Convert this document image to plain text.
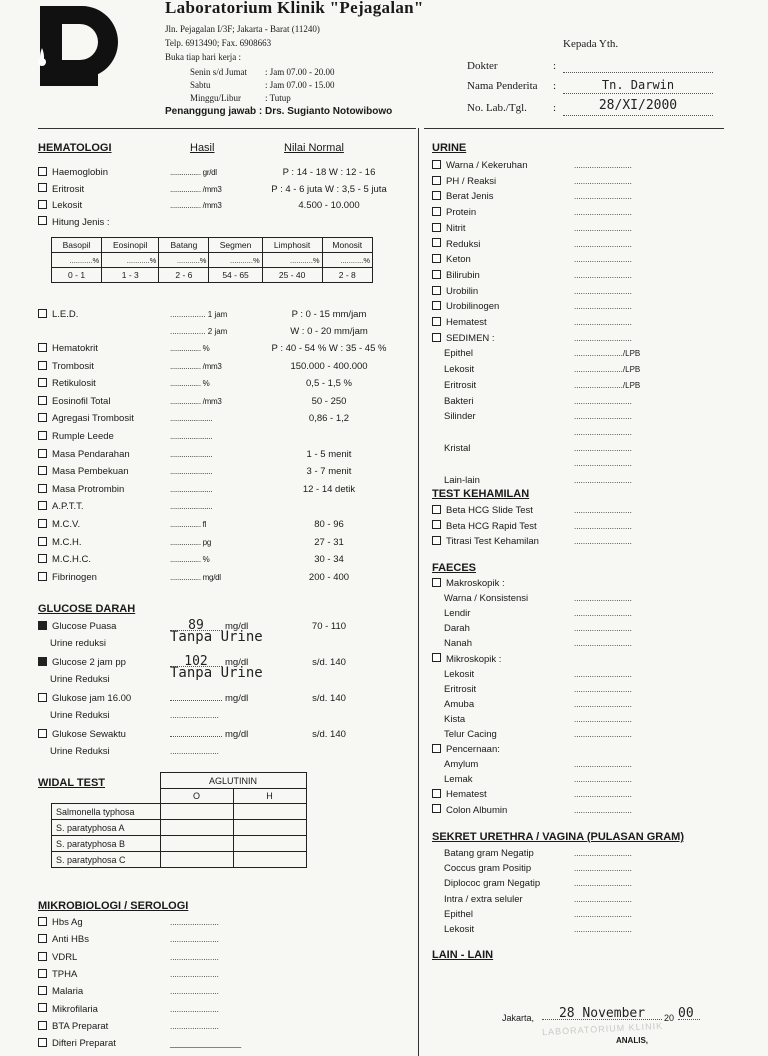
Laboratorium Klinik "Pejagalan"
Jln. Pejagalan I/3F; Jakarta - Barat (11240)
Telp. 6913490; Fax. 6908663
Buka tiap hari kerja :
Senin s/d Jumat : Jam 07.00 - 20.00
Sabtu	: Jam 07.00 - 15.00
Minggu/Libur	: Tutup
Penanggung jawab : Drs. Sugianto Notowibowo
Kepada Yth.
Dokter	:
Nama Penderita :	Tn. Darwin
No. Lab./Tgl. :	28/XI/2000
HEMATOLOGI	Hasil	Nilai Normal
Haemoglobin	................ gr/dl	P : 14 - 18 W : 12 - 16
Eritrosit	................ /mm3	P : 4 - 6 juta W : 3,5 - 5 juta
Lekosit	................ /mm3	4.500 - 10.000
Hitung Jenis :
Basopil	Eosinopil	Batang	Segmen	Limphosit	Monosit
...........%	...........%	...........%	...........%	...........%	...........%
0 - 1	1 - 3	2 - 6	54 - 65	25 - 40	2 - 8
L.E.D.	................ 1 jam	P : 0 - 15 mm/jam
................ 2 jam	W : 0 - 20 mm/jam
Hematokrit	................ %	P : 40 - 54 % W : 35 - 45 %
Trombosit	................ /mm3	150.000 - 400.000
Retikulosit	................ %	0,5 - 1,5 %
Eosinofil Total	................ /mm3	50 - 250
Agregasi Trombosit	......................	0,86 - 1,2
Rumple Leede	......................
Masa Pendarahan	......................	1 - 5 menit
Masa Pembekuan	......................	3 - 7 menit
Masa Protrombin	......................	12 - 14 detik
A.P.T.T.	......................
M.C.V.	................ fl	80 - 96
M.C.H.	................ pg	27 - 31
M.C.H.C.	................ %	30 - 34
Fibrinogen	................ mg/dl	200 - 400
GLUCOSE DARAH
Glucose Puasa	89 mg/dl	70 - 110
Urine reduksi	Tanpa Urine
Glucose 2 jam pp	102 mg/dl	s/d. 140
Urine Reduksi	Tanpa Urine
Glukose jam 16.00	mg/dl	s/d. 140
Urine Reduksi	......................
Glukose Sewaktu	mg/dl	s/d. 140
Urine Reduksi	......................
WIDAL TEST
		AGLUTININ	
	O	H
Salmonella typhosa		
S. paratyphosa A		
S. paratyphosa B		
S. paratyphosa C		
MIKROBIOLOGI / SEROLOGI
Hbs Ag	......................
Anti HBs	......................
VDRL	......................
TPHA	......................
Malaria	......................
Mikrofilaria	......................
BTA Preparat	......................
Difteri Preparat	________________
URINE
Warna / Kekeruhan	..........................
PH / Reaksi	..........................
Berat Jenis	..........................
Protein	..........................
Nitrit	..........................
Reduksi	..........................
Keton	..........................
Bilirubin	..........................
Urobilin	..........................
Urobilinogen	..........................
Hematest	..........................
SEDIMEN :	..........................
Epithel	....................../LPB
Lekosit	....................../LPB
Eritrosit	....................../LPB
Bakteri	..........................
Silinder	..........................
..........................
Kristal	..........................
..........................
Lain-lain	..........................
TEST KEHAMILAN
Beta HCG Slide Test	..........................
Beta HCG Rapid Test	..........................
Titrasi Test Kehamilan	..........................
FAECES
Makroskopik :
Warna / Konsistensi	..........................
Lendir	..........................
Darah	..........................
Nanah	..........................
Mikroskopik :
Lekosit	..........................
Eritrosit	..........................
Amuba	..........................
Kista	..........................
Telur Cacing	..........................
Pencernaan:
Amylum	..........................
Lemak	..........................
Hematest	..........................
Colon Albumin	..........................
SEKRET URETHRA / VAGINA (PULASAN GRAM)
Batang gram Negatip	..........................
Coccus gram Positip	..........................
Diplococ gram Negatip	..........................
Intra / extra seluler	..........................
Epithel	..........................
Lekosit	..........................
LAIN - LAIN
Jakarta,	28 November	20 00
ANALIS,
LABORATORIUM KLINIK
